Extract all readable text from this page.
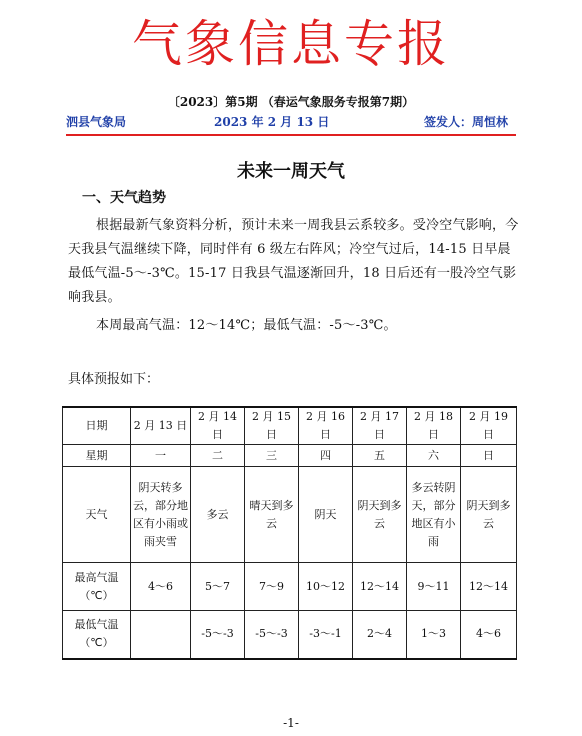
气象信息专报
〔2023〕第5期 （春运气象服务专报第7期）
泗县气象局	2023 年 2 月 13 日	签发人：周恒林
未来一周天气
一、天气趋势

根据最新气象资料分析，预计未来一周我县云系较多。受冷空气影响，今天我县气温继续下降，同时伴有 6 级左右阵风；冷空气过后，14-15 日早晨最低气温-5～-3℃。15-17 日我县气温逐渐回升，18 日后还有一股冷空气影响我县。

本周最高气温：12～14℃；最低气温：-5～-3℃。

具体预报如下：
日期	2 月 13 日	2 月 14 日	2 月 15 日	2 月 16 日	2 月 17 日	2 月 18 日	2 月 19 日
星期	一	二	三	四	五	六	日
天气	阴天转多云，部分地区有小雨或雨夹雪	多云	晴天到多云	阴天	阴天到多云	多云转阴天，部分地区有小雨	阴天到多云
最高气温（℃）	4～6	5～7	7～9	10～12	12～14	9～11	12～14
最低气温（℃）		-5～-3	-5～-3	-3～-1	2～4	1～3	4～6
-1-
